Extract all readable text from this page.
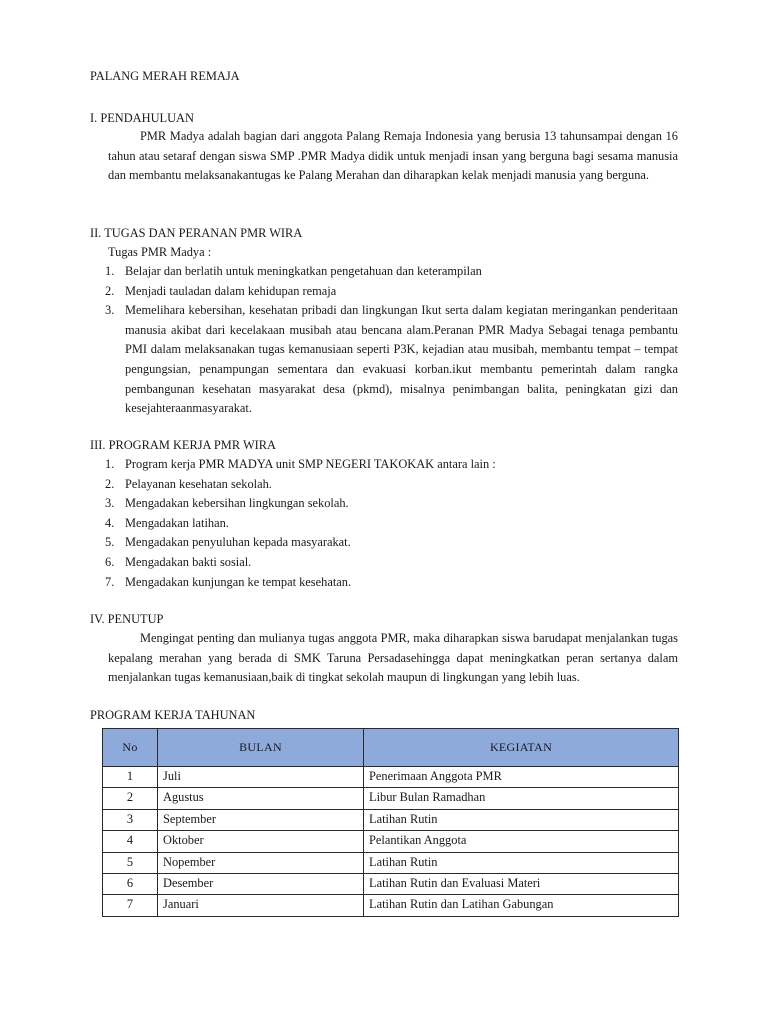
PALANG MERAH REMAJA
I. PENDAHULUAN
PMR Madya adalah bagian dari anggota Palang Remaja Indonesia yang berusia 13 tahunsampai dengan 16 tahun atau setaraf dengan siswa SMP .PMR Madya didik untuk menjadi insan yang berguna bagi sesama manusia dan membantu melaksanakantugas ke Palang Merahan dan diharapkan kelak menjadi manusia yang berguna.
II. TUGAS DAN PERANAN PMR WIRA
Tugas PMR Madya :
1. Belajar dan berlatih untuk meningkatkan pengetahuan dan keterampilan
2. Menjadi tauladan dalam kehidupan remaja
3. Memelihara kebersihan, kesehatan pribadi dan lingkungan Ikut serta dalam kegiatan meringankan penderitaan manusia akibat dari kecelakaan musibah atau bencana alam.Peranan PMR Madya Sebagai tenaga pembantu PMI dalam melaksanakan tugas kemanusiaan seperti P3K, kejadian atau musibah, membantu tempat – tempat pengungsian, penampungan sementara dan evakuasi korban.ikut membantu pemerintah dalam rangka pembangunan kesehatan masyarakat desa (pkmd), misalnya penimbangan balita, peningkatan gizi dan kesejahteraanmasyarakat.
III. PROGRAM KERJA PMR WIRA
1. Program kerja PMR MADYA unit SMP NEGERI TAKOKAK antara lain :
2. Pelayanan kesehatan sekolah.
3. Mengadakan kebersihan lingkungan sekolah.
4. Mengadakan latihan.
5. Mengadakan penyuluhan kepada masyarakat.
6. Mengadakan bakti sosial.
7. Mengadakan kunjungan ke tempat kesehatan.
IV. PENUTUP
Mengingat penting dan mulianya tugas anggota PMR, maka diharapkan siswa barudapat menjalankan tugas kepalang merahan yang berada di SMK Taruna Persadasehingga dapat meningkatkan peran sertanya dalam menjalankan tugas kemanusiaan,baik di tingkat sekolah maupun di lingkungan yang lebih luas.
PROGRAM KERJA TAHUNAN
No	BULAN	KEGIATAN
1	Juli	Penerimaan Anggota PMR
2	Agustus	Libur Bulan Ramadhan
3	September	Latihan Rutin
4	Oktober	Pelantikan Anggota
5	Nopember	Latihan Rutin
6	Desember	Latihan Rutin dan Evaluasi Materi
7	Januari	Latihan Rutin dan Latihan Gabungan
